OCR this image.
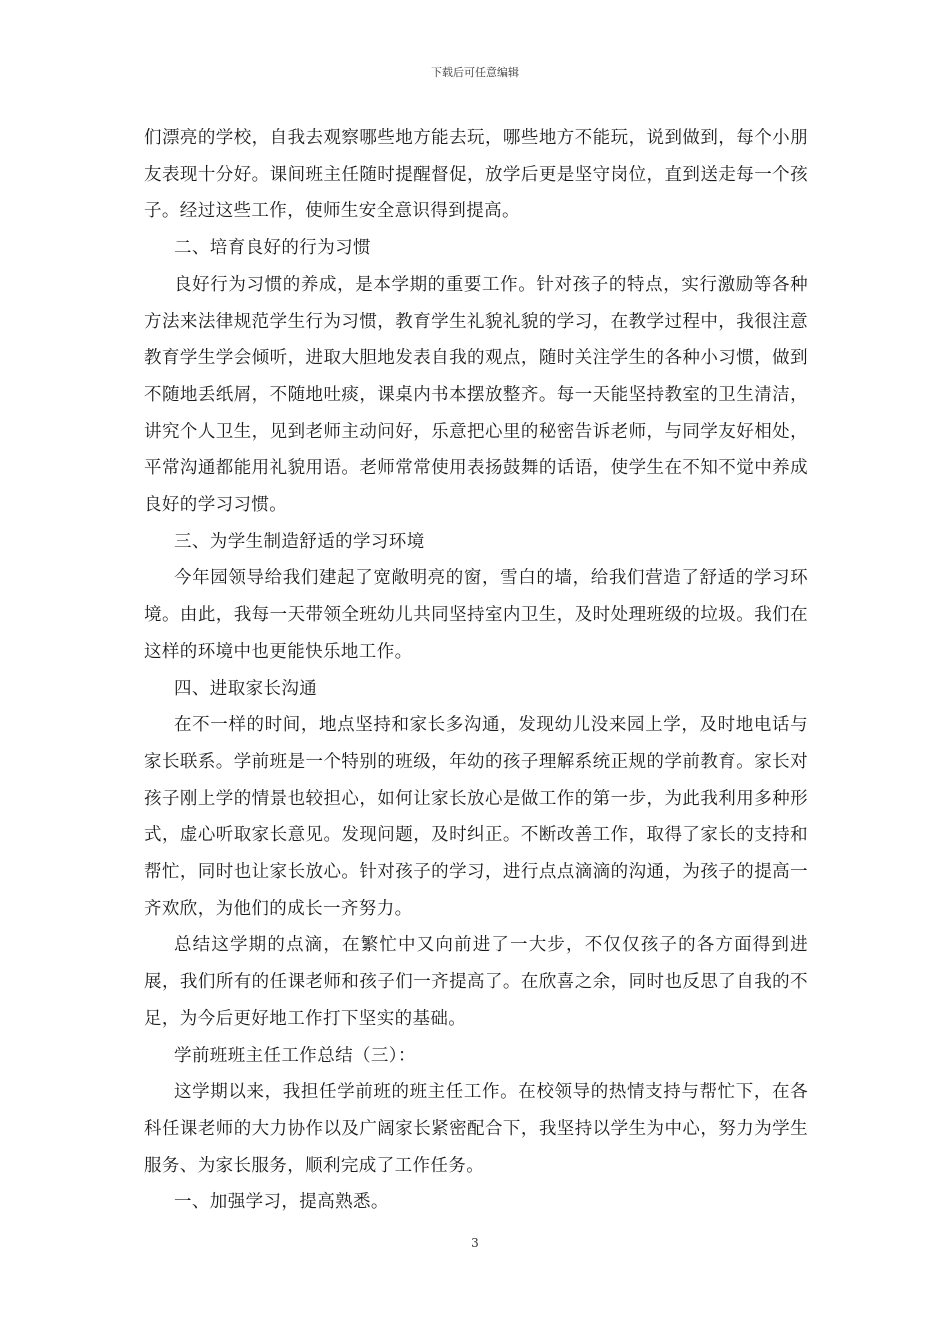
下载后可任意编辑

们漂亮的学校，自我去观察哪些地方能去玩，哪些地方不能玩，说到做到，每个小朋友表现十分好。课间班主任随时提醒督促，放学后更是坚守岗位，直到送走每一个孩子。经过这些工作，使师生安全意识得到提高。

二、培育良好的行为习惯

良好行为习惯的养成，是本学期的重要工作。针对孩子的特点，实行激励等各种方法来法律规范学生行为习惯，教育学生礼貌礼貌的学习，在教学过程中，我很注意教育学生学会倾听，进取大胆地发表自我的观点，随时关注学生的各种小习惯，做到不随地丢纸屑，不随地吐痰，课桌内书本摆放整齐。每一天能坚持教室的卫生清洁，讲究个人卫生，见到老师主动问好，乐意把心里的秘密告诉老师，与同学友好相处，平常沟通都能用礼貌用语。老师常常使用表扬鼓舞的话语，使学生在不知不觉中养成良好的学习习惯。

三、为学生制造舒适的学习环境

今年园领导给我们建起了宽敞明亮的窗，雪白的墙，给我们营造了舒适的学习环境。由此，我每一天带领全班幼儿共同坚持室内卫生，及时处理班级的垃圾。我们在这样的环境中也更能快乐地工作。

四、进取家长沟通

在不一样的时间，地点坚持和家长多沟通，发现幼儿没来园上学，及时地电话与家长联系。学前班是一个特别的班级，年幼的孩子理解系统正规的学前教育。家长对孩子刚上学的情景也较担心，如何让家长放心是做工作的第一步，为此我利用多种形式，虚心听取家长意见。发现问题，及时纠正。不断改善工作，取得了家长的支持和帮忙，同时也让家长放心。针对孩子的学习，进行点点滴滴的沟通，为孩子的提高一齐欢欣，为他们的成长一齐努力。

总结这学期的点滴，在繁忙中又向前进了一大步，不仅仅孩子的各方面得到进展，我们所有的任课老师和孩子们一齐提高了。在欣喜之余，同时也反思了自我的不足，为今后更好地工作打下坚实的基础。

学前班班主任工作总结（三）：

这学期以来，我担任学前班的班主任工作。在校领导的热情支持与帮忙下，在各科任课老师的大力协作以及广阔家长紧密配合下，我坚持以学生为中心，努力为学生服务、为家长服务，顺利完成了工作任务。

一、加强学习，提高熟悉。

3
